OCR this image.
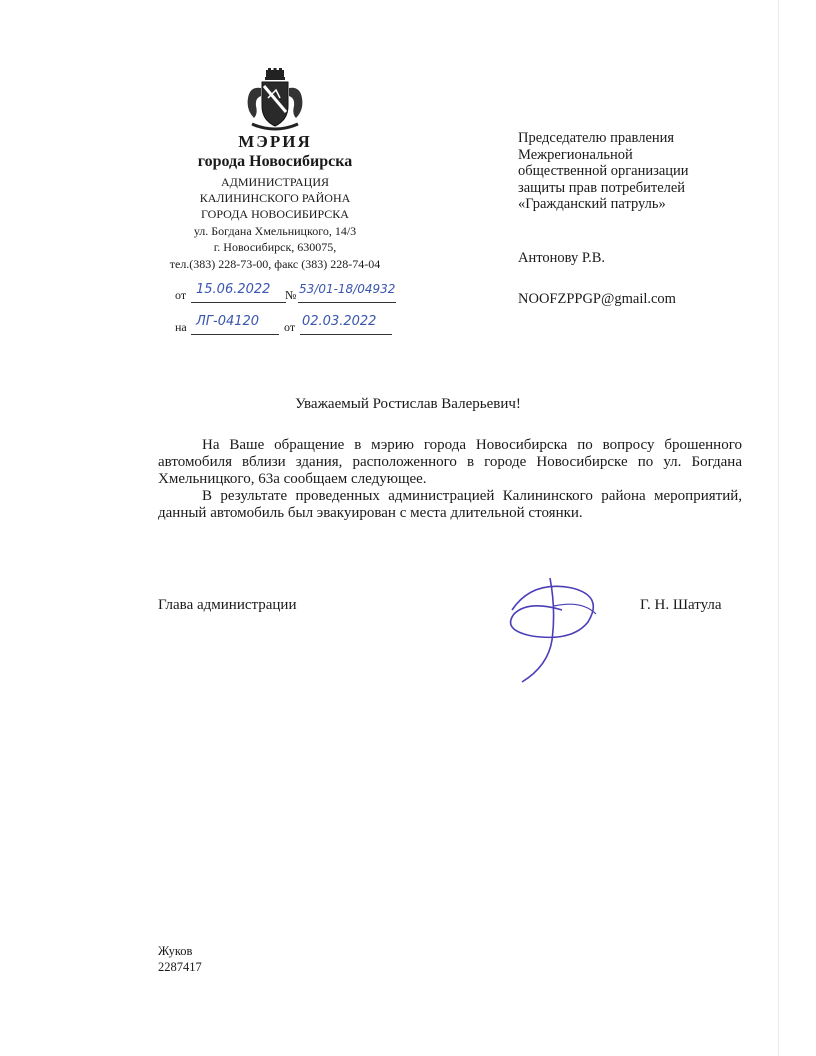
МЭРИЯ
города Новосибирска
АДМИНИСТРАЦИЯ
КАЛИНИНСКОГО РАЙОНА
ГОРОДА НОВОСИБИРСКА
ул. Богдана Хмельницкого, 14/3
г. Новосибирск, 630075,
тел.(383) 228-73-00, факс (383) 228-74-04
от 15.06.2022 № 53/01-18/04932
на ЛГ-04120 от 02.03.2022
Председателю правления
Межрегиональной
общественной организации
защиты прав потребителей
«Гражданский патруль»
Антонову Р.В.
NOOFZPPGP@gmail.com
Уважаемый Ростислав Валерьевич!

На Ваше обращение в мэрию города Новосибирска по вопросу брошенного автомобиля вблизи здания, расположенного в городе Новосибирске по ул. Богдана Хмельницкого, 63а сообщаем следующее.

В результате проведенных администрацией Калининского района мероприятий, данный автомобиль был эвакуирован с места длительной стоянки.

Глава администрации	Г. Н. Шатула
Жуков
2287417
